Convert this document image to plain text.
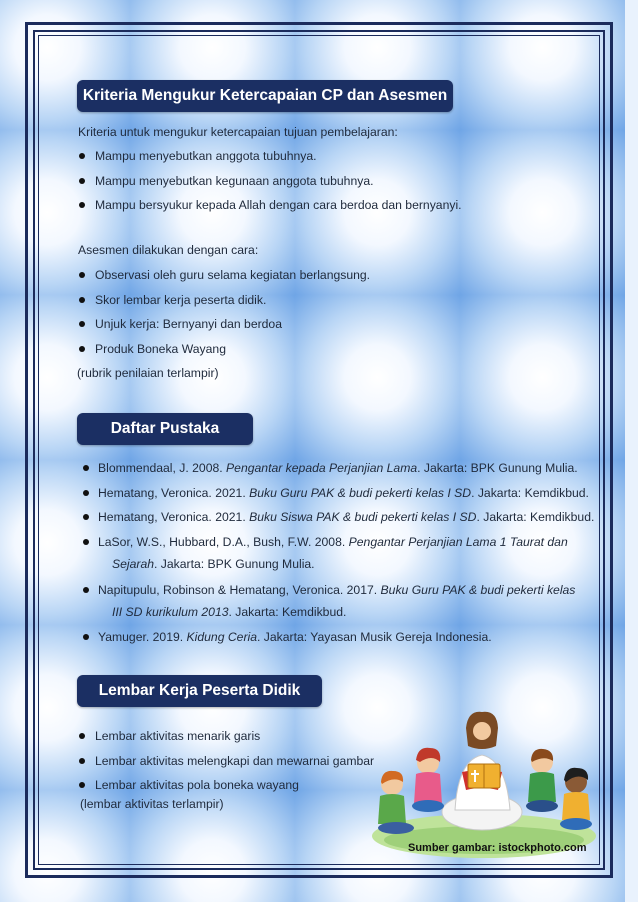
Kriteria Mengukur Ketercapaian CP dan Asesmen
Kriteria untuk mengukur ketercapaian tujuan pembelajaran:
Mampu menyebutkan anggota tubuhnya.
Mampu menyebutkan kegunaan anggota tubuhnya.
Mampu bersyukur kepada Allah dengan cara berdoa dan bernyanyi.
Asesmen dilakukan dengan cara:
Observasi oleh guru selama kegiatan berlangsung.
Skor lembar kerja peserta didik.
Unjuk kerja: Bernyanyi dan berdoa
Produk Boneka Wayang
(rubrik penilaian terlampir)
Daftar Pustaka
Blommendaal, J. 2008. Pengantar kepada Perjanjian Lama. Jakarta: BPK Gunung Mulia.
Hematang, Veronica. 2021. Buku Guru PAK & budi pekerti kelas I SD. Jakarta: Kemdikbud.
Hematang, Veronica. 2021. Buku Siswa PAK & budi pekerti kelas I SD. Jakarta: Kemdikbud.
LaSor, W.S., Hubbard, D.A., Bush, F.W. 2008. Pengantar Perjanjian Lama 1 Taurat dan
Sejarah. Jakarta: BPK Gunung Mulia.
Napitupulu, Robinson & Hematang, Veronica. 2017. Buku Guru PAK & budi pekerti kelas
III SD kurikulum 2013. Jakarta: Kemdikbud.
Yamuger. 2019. Kidung Ceria. Jakarta: Yayasan Musik Gereja Indonesia.
Lembar Kerja Peserta Didik
Lembar aktivitas menarik garis
Lembar aktivitas melengkapi dan mewarnai gambar
Lembar aktivitas pola boneka wayang
(lembar aktivitas terlampir)
Sumber gambar: istockphoto.com
